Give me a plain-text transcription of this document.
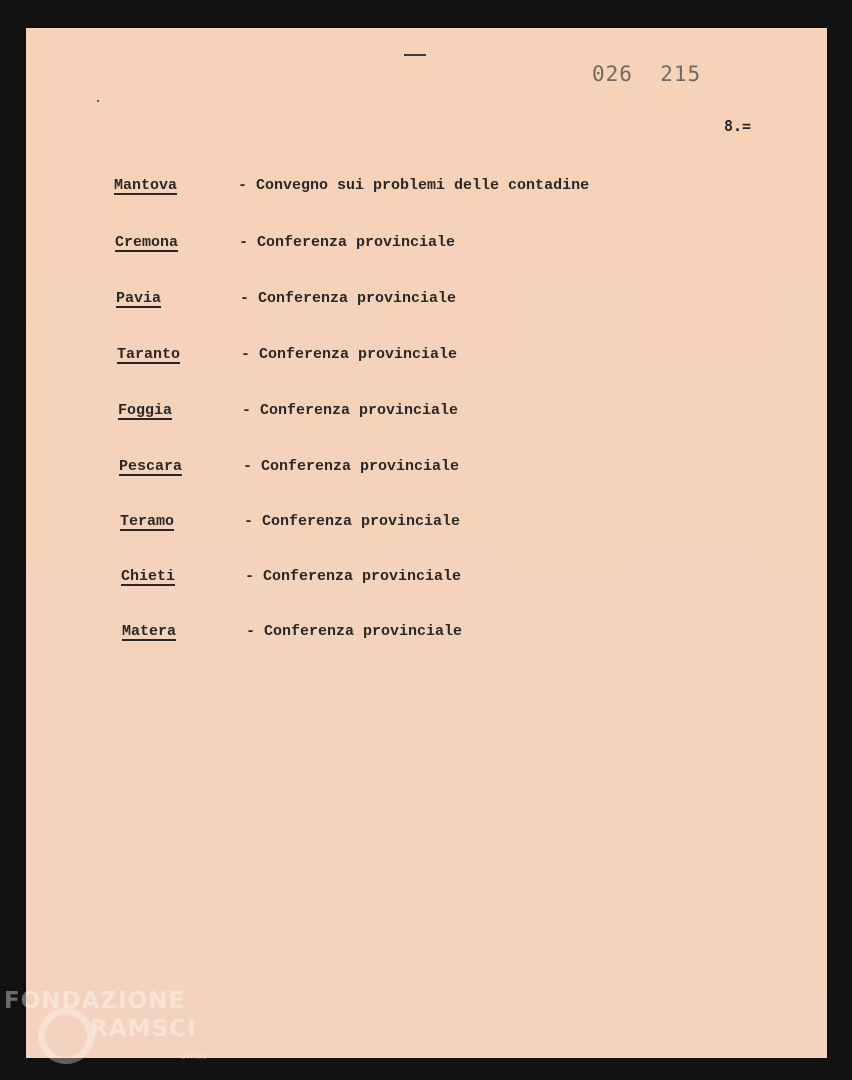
026  215
8.=
Mantova	- Convegno sui problemi delle contadine
Cremona	- Conferenza provinciale
Pavia	- Conferenza provinciale
Taranto	- Conferenza provinciale
Foggia	- Conferenza provinciale
Pescara	- Conferenza provinciale
Teramo	- Conferenza provinciale
Chieti	- Conferenza provinciale
Matera	- Conferenza provinciale
FONDAZIONE
RAMSCI
onlus
